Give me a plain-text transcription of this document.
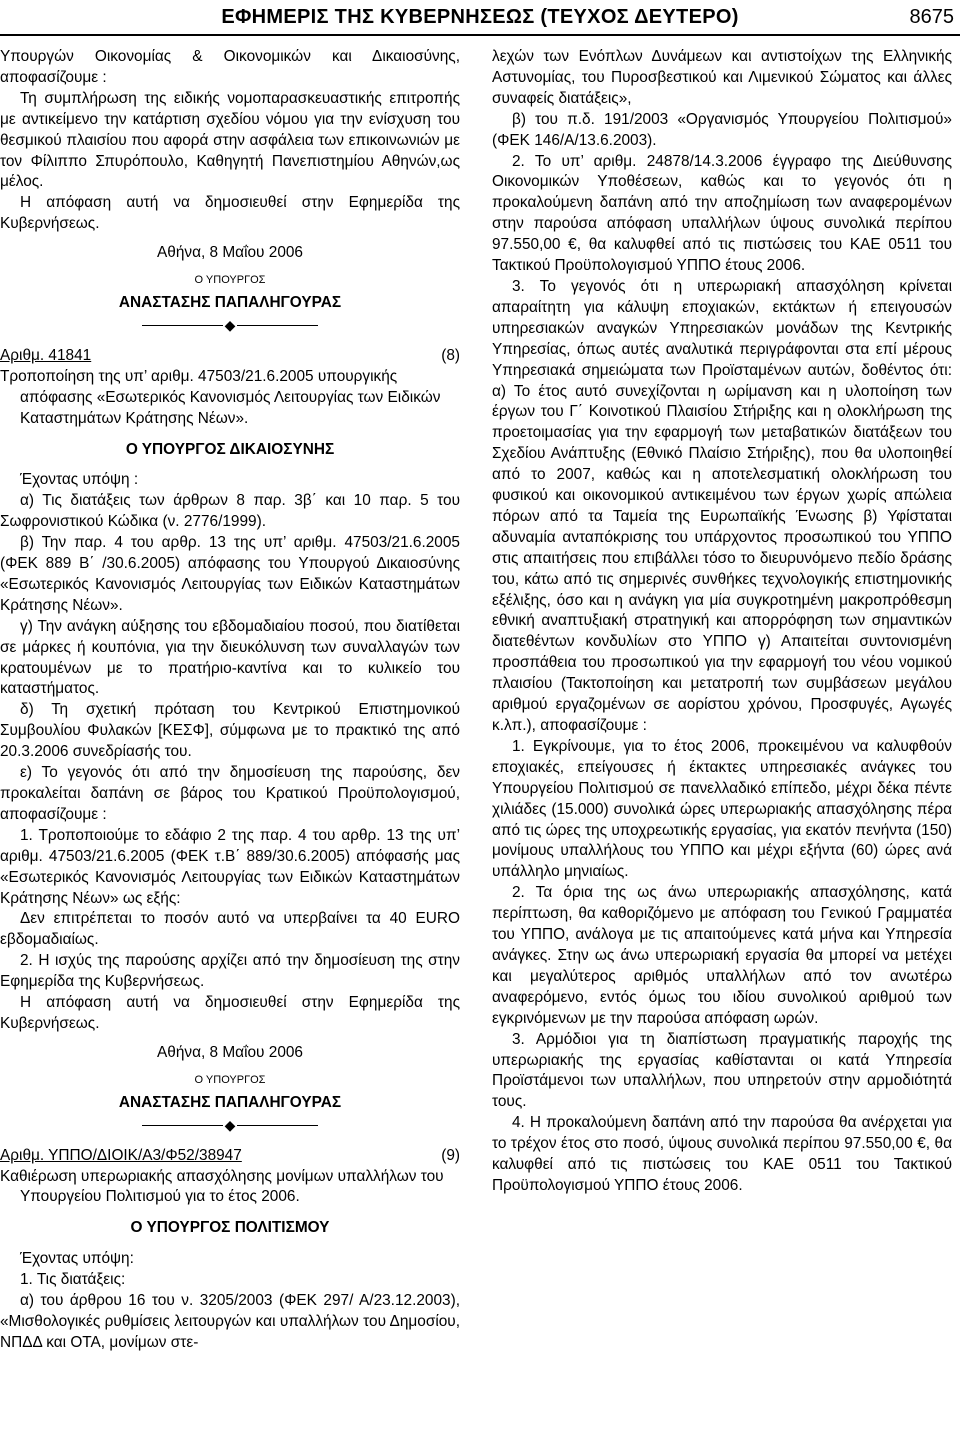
ΕΦΗΜΕΡΙΣ ΤΗΣ ΚΥΒΕΡΝΗΣΕΩΣ (ΤΕΥΧΟΣ ΔΕΥΤΕΡΟ)	8675

Υπουργών Οικονομίας & Οικονομικών και Δικαιοσύνης, αποφασίζουμε :

Τη συμπλήρωση της ειδικής νομοπαρασκευαστικής επιτροπής με αντικείμενο την κατάρτιση σχεδίου νόμου για την ενίσχυση του θεσμικού πλαισίου που αφορά στην ασφάλεια των επικοινωνιών με τον Φίλιππο Σπυρόπουλο, Καθηγητή Πανεπιστημίου Αθηνών,ως μέλος.

Η απόφαση αυτή να δημοσιευθεί στην Εφημερίδα της Κυβερνήσεως.

Αθήνα, 8 Μαΐου 2006

Ο ΥΠΟΥΡΓΟΣ

ΑΝΑΣΤΑΣΗΣ ΠΑΠΑΛΗΓΟΥΡΑΣ

◆

Αριθμ. 41841	(8)

Τροποποίηση της υπ’ αριθμ. 47503/21.6.2005 υπουργικής απόφασης «Εσωτερικός Κανονισμός Λειτουργίας των Ειδικών Καταστημάτων Κράτησης Νέων».

Ο ΥΠΟΥΡΓΟΣ ΔΙΚΑΙΟΣΥΝΗΣ

Έχοντας υπόψη :

α) Τις διατάξεις των άρθρων 8 παρ. 3β΄ και 10 παρ. 5 του Σωφρονιστικού Κώδικα (ν. 2776/1999).

β) Την παρ. 4 του αρθρ. 13 της υπ’ αριθμ. 47503/21.6.2005 (ΦΕΚ 889 Β΄ /30.6.2005) απόφασης του Υπουργού Δικαιοσύνης «Εσωτερικός Κανονισμός Λειτουργίας των Ειδικών Καταστημάτων Κράτησης Νέων».

γ) Την ανάγκη αύξησης του εβδομαδιαίου ποσού, που διατίθεται σε μάρκες ή κουπόνια, για την διευκόλυνση των συναλλαγών των κρατουμένων με το πρατήριο-καντίνα και το κυλικείο του καταστήματος.

δ) Τη σχετική πρόταση του Κεντρικού Επιστημονικού Συμβουλίου Φυλακών [ΚΕΣΦ], σύμφωνα με το πρακτικό της από 20.3.2006 συνεδρίασής του.

ε) Το γεγονός ότι από την δημοσίευση της παρούσης, δεν προκαλείται δαπάνη σε βάρος του Κρατικού Προϋπολογισμού, αποφασίζουμε :

1. Τροποποιούμε το εδάφιο 2 της παρ. 4 του αρθρ. 13 της υπ’ αριθμ. 47503/21.6.2005 (ΦΕΚ τ.Β΄ 889/30.6.2005) απόφασής μας «Εσωτερικός Κανονισμός Λειτουργίας των Ειδικών Καταστημάτων Κράτησης Νέων» ως εξής:

Δεν επιτρέπεται το ποσόν αυτό να υπερβαίνει τα 40 EURO εβδομαδιαίως.

2. Η ισχύς της παρούσης αρχίζει από την δημοσίευση της στην Εφημερίδα της Κυβερνήσεως.

Η απόφαση αυτή να δημοσιευθεί στην Εφημερίδα της Κυβερνήσεως.

Αθήνα, 8 Μαΐου 2006

Ο ΥΠΟΥΡΓΟΣ

ΑΝΑΣΤΑΣΗΣ ΠΑΠΑΛΗΓΟΥΡΑΣ

◆

Αριθμ. ΥΠΠΟ/ΔΙΟΙΚ/Α3/Φ52/38947	(9)

Καθιέρωση υπερωριακής απασχόλησης μονίμων υπαλλήλων του Υπουργείου Πολιτισμού για το έτος 2006.

Ο ΥΠΟΥΡΓΟΣ ΠΟΛΙΤΙΣΜΟΥ

Έχοντας υπόψη:

1. Τις διατάξεις:

α) του άρθρου 16 του ν. 3205/2003 (ΦΕΚ 297/ Α/23.12.2003), «Μισθολογικές ρυθμίσεις λειτουργών και υπαλλήλων του Δημοσίου, ΝΠΔΔ και ΟΤΑ, μονίμων στε-

λεχών των Ενόπλων Δυνάμεων και αντιστοίχων της Ελληνικής Αστυνομίας, του Πυροσβεστικού και Λιμενικού Σώματος και άλλες συναφείς διατάξεις»,

β) του π.δ. 191/2003 «Οργανισμός Υπουργείου Πολιτισμού» (ΦΕΚ 146/Α/13.6.2003).

2. Το υπ’ αριθμ. 24878/14.3.2006 έγγραφο της Διεύθυνσης Οικονομικών Υποθέσεων, καθώς και το γεγονός ότι η προκαλούμενη δαπάνη από την αποζημίωση των αναφερομένων στην παρούσα απόφαση υπαλλήλων ύψους συνολικά περίπου 97.550,00 €, θα καλυφθεί από τις πιστώσεις του ΚΑΕ 0511 του Τακτικού Προϋπολογισμού ΥΠΠΟ έτους 2006.

3. Το γεγονός ότι η υπερωριακή απασχόληση κρίνεται απαραίτητη για κάλυψη εποχιακών, εκτάκτων ή επειγουσών υπηρεσιακών αναγκών Υπηρεσιακών μονάδων της Κεντρικής Υπηρεσίας, όπως αυτές αναλυτικά περιγράφονται στα επί μέρους Υπηρεσιακά σημειώματα των Προϊσταμένων αυτών, δοθέντος ότι: α) Το έτος αυτό συνεχίζονται η ωρίμανση και η υλοποίηση των έργων του Γ΄ Κοινοτικού Πλαισίου Στήριξης και η ολοκλήρωση της προετοιμασίας για την εφαρμογή των μεταβατικών διατάξεων του Σχεδίου Ανάπτυξης (Εθνικό Πλαίσιο Στήριξης), που θα υλοποιηθεί από το 2007, καθώς και η αποτελεσματική ολοκλήρωση του φυσικού και οικονομικού αντικειμένου των έργων χωρίς απώλεια πόρων από τα Ταμεία της Ευρωπαϊκής Ένωσης β) Υφίσταται αδυναμία ανταπόκρισης του υπάρχοντος προσωπικού του ΥΠΠΟ στις απαιτήσεις που επιβάλλει τόσο το διευρυνόμενο πεδίο δράσης του, κάτω από τις σημερινές συνθήκες τεχνολογικής επιστημονικής εξέλιξης, όσο και η ανάγκη για μία συγκροτημένη μακροπρόθεσμη εθνική αναπτυξιακή στρατηγική και απορρόφηση των σημαντικών διατεθέντων κονδυλίων στο ΥΠΠΟ γ) Απαιτείται συντονισμένη προσπάθεια του προσωπικού για την εφαρμογή του νέου νομικού πλαισίου (Τακτοποίηση και μετατροπή των συμβάσεων μεγάλου αριθμού εργαζομένων σε αορίστου χρόνου, Προσφυγές, Αγωγές κ.λπ.), αποφασίζουμε :

1. Εγκρίνουμε, για το έτος 2006, προκειμένου να καλυφθούν εποχιακές, επείγουσες ή έκτακτες υπηρεσιακές ανάγκες του Υπουργείου Πολιτισμού σε πανελλαδικό επίπεδο, μέχρι δέκα πέντε χιλιάδες (15.000) συνολικά ώρες υπερωριακής απασχόλησης πέρα από τις ώρες της υποχρεωτικής εργασίας, για εκατόν πενήντα (150) μονίμους υπαλλήλους του ΥΠΠΟ και μέχρι εξήντα (60) ώρες ανά υπάλληλο μηνιαίως.

2. Τα όρια της ως άνω υπερωριακής απασχόλησης, κατά περίπτωση, θα καθοριζόμενο με απόφαση του Γενικού Γραμματέα του ΥΠΠΟ, ανάλογα με τις απαιτούμενες κατά μήνα και Υπηρεσία ανάγκες. Στην ως άνω υπερωριακή εργασία θα μπορεί να μετέχει και μεγαλύτερος αριθμός υπαλλήλων από τον ανωτέρω αναφερόμενο, εντός όμως του ιδίου συνολικού αριθμού των εγκρινόμενων με την παρούσα απόφαση ωρών.

3. Αρμόδιοι για τη διαπίστωση πραγματικής παροχής της υπερωριακής της εργασίας καθίστανται οι κατά Υπηρεσία Προϊστάμενοι των υπαλλήλων, που υπηρετούν στην αρμοδιότητά τους.

4. Η προκαλούμενη δαπάνη από την παρούσα θα ανέρχεται για το τρέχον έτος στο ποσό, ύψους συνολικά περίπου 97.550,00 €, θα καλυφθεί από τις πιστώσεις του ΚΑΕ 0511 του Τακτικού Προϋπολογισμού ΥΠΠΟ έτους 2006.
